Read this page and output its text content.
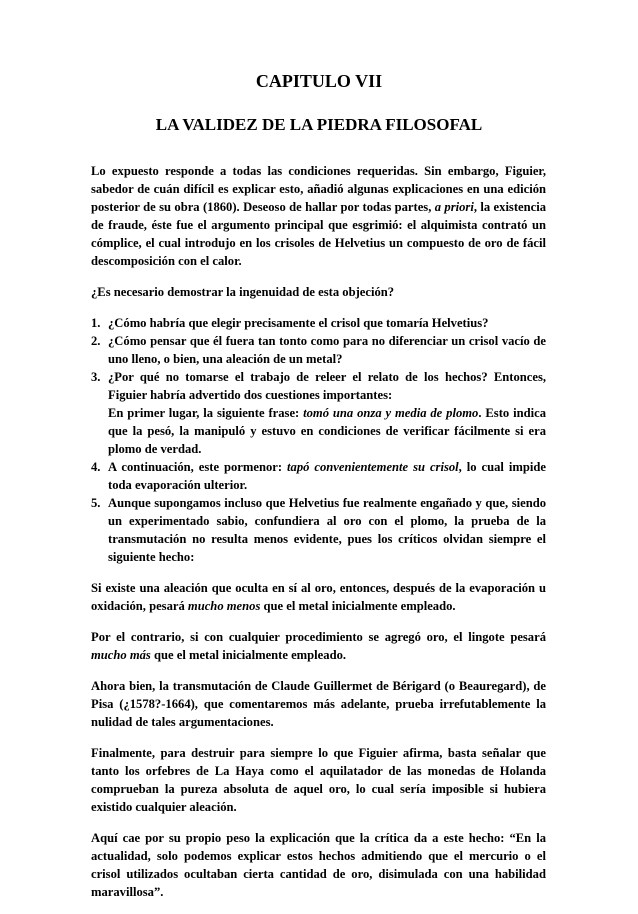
CAPITULO VII
LA VALIDEZ DE LA PIEDRA FILOSOFAL

Lo expuesto responde a todas las condiciones requeridas. Sin embargo, Figuier, sabedor de cuán difícil es explicar esto, añadió algunas explicaciones en una edición posterior de su obra (1860). Deseoso de hallar por todas partes, a priori, la existencia de fraude, éste fue el argumento principal que esgrimió: el alquimista contrató un cómplice, el cual introdujo en los crisoles de Helvetius un compuesto de oro de fácil descomposición con el calor.

¿Es necesario demostrar la ingenuidad de esta objeción?

1. ¿Cómo habría que elegir precisamente el crisol que tomaría Helvetius?
2. ¿Cómo pensar que él fuera tan tonto como para no diferenciar un crisol vacío de uno lleno, o bien, una aleación de un metal?
3. ¿Por qué no tomarse el trabajo de releer el relato de los hechos? Entonces, Figuier habría advertido dos cuestiones importantes:
En primer lugar, la siguiente frase: tomó una onza y media de plomo. Esto indica que la pesó, la manipuló y estuvo en condiciones de verificar fácilmente si era plomo de verdad.
4. A continuación, este pormenor: tapó convenientemente su crisol, lo cual impide toda evaporación ulterior.
5. Aunque supongamos incluso que Helvetius fue realmente engañado y que, siendo un experimentado sabio, confundiera al oro con el plomo, la prueba de la transmutación no resulta menos evidente, pues los críticos olvidan siempre el siguiente hecho:

Si existe una aleación que oculta en sí al oro, entonces, después de la evaporación u oxidación, pesará mucho menos que el metal inicialmente empleado.

Por el contrario, si con cualquier procedimiento se agregó oro, el lingote pesará mucho más que el metal inicialmente empleado.

Ahora bien, la transmutación de Claude Guillermet de Bérigard (o Beauregard), de Pisa (¿1578?-1664), que comentaremos más adelante, prueba irrefutablemente la nulidad de tales argumentaciones.

Finalmente, para destruir para siempre lo que Figuier afirma, basta señalar que tanto los orfebres de La Haya como el aquilatador de las monedas de Holanda comprueban la pureza absoluta de aquel oro, lo cual sería imposible si hubiera existido cualquier aleación.

Aquí cae por su propio peso la explicación que la crítica da a este hecho: “En la actualidad, solo podemos explicar estos hechos admitiendo que el mercurio o el crisol utilizados ocultaban cierta cantidad de oro, disimulada con una habilidad maravillosa”.
